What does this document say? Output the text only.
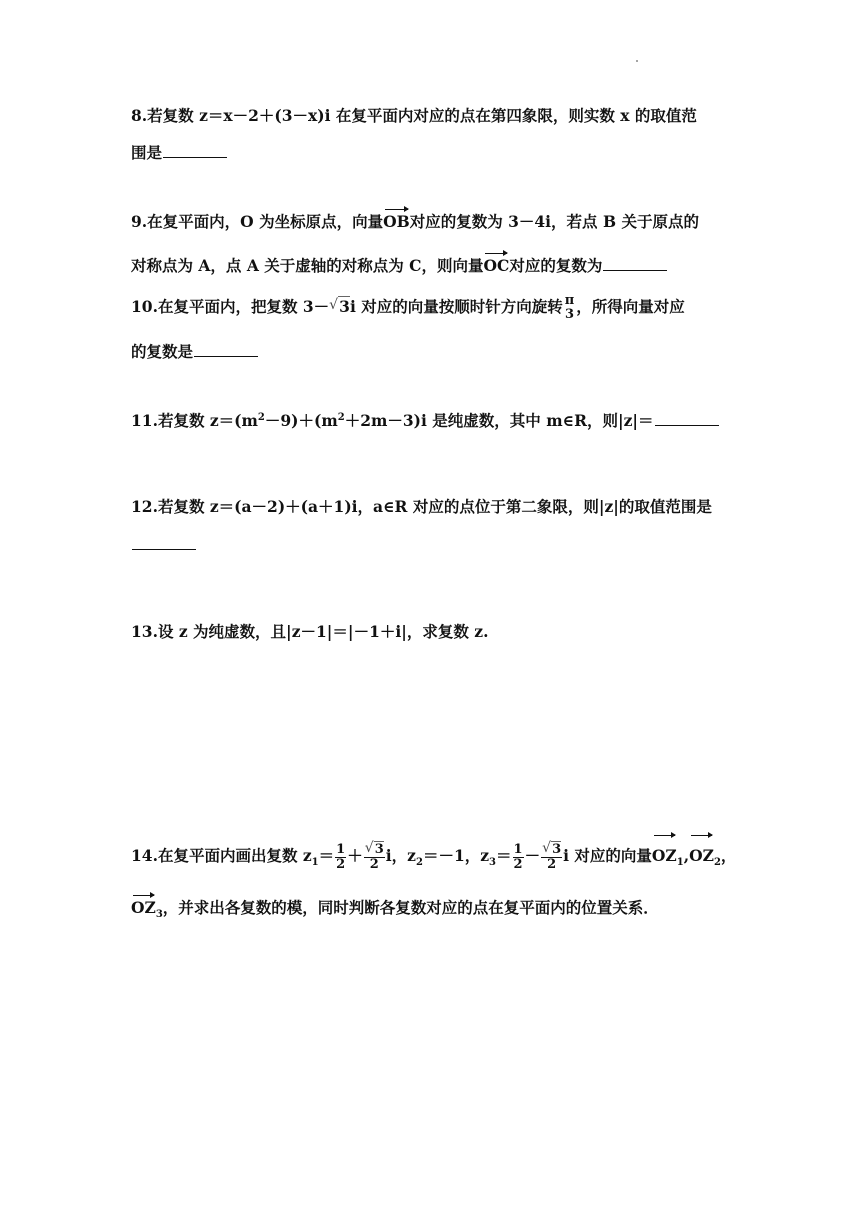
8.若复数 z＝x－2＋(3－x)i 在复平面内对应的点在第四象限，则实数 x 的取值范
围是
9.在复平面内，O 为坐标原点，向量OB对应的复数为 3－4i，若点 B 关于原点的
对称点为 A，点 A 关于虚轴的对称点为 C，则向量OC对应的复数为
10.在复平面内，把复数 3－ √ 3i 对应的向量按顺时针方向旋转 π
3 ，所得向量对应
的复数是
11.若复数 $z=(m^2-9)+(m^2+2m-3)i$ 是纯虚数，其中 m∈R，则|z|＝
12.若复数 z＝(a－2)＋(a＋1)i，a∈R 对应的点位于第二象限，则|z|的取值范围是
13.设 z 为纯虚数，且|z－1|＝|－1＋i|，求复数 z.
14.在复平面内画出复数 $z_1= \frac{1}{2} + \frac{√ 3}{2}$ i，$z_2=-1$，$z_3= \frac{1}{2} - \frac{√ 3}{2}$ i 对应的向量$OZ_1,OZ_2$，
$OZ_3$，并求出各复数的模，同时判断各复数对应的点在复平面内的位置关系．
